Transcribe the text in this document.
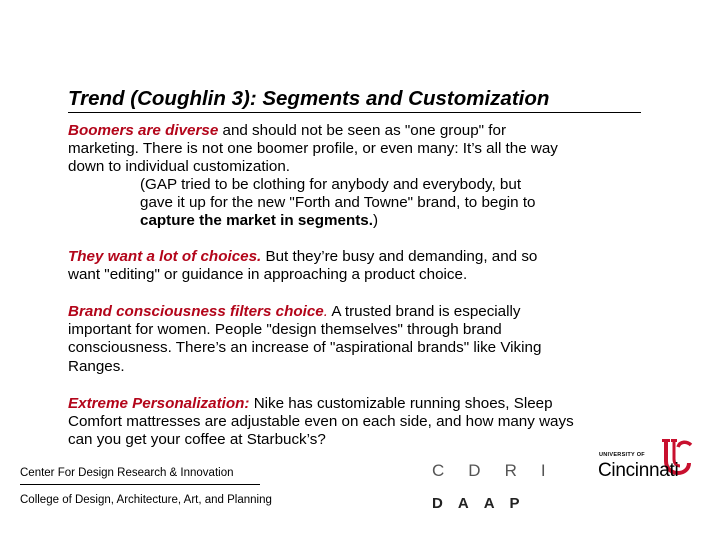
Trend (Coughlin 3): Segments and Customization
Boomers are diverse and should not be seen as "one group" for
marketing. There is not one boomer profile, or even many: It’s all the way
down to individual customization.
(GAP tried to be clothing for anybody and everybody, but
gave it up for the new "Forth and Towne" brand, to begin to
capture the market in segments.)
They want a lot of choices. But they’re busy and demanding, and so
want "editing" or guidance in approaching a product choice.
Brand consciousness filters choice. A trusted brand is especially
important for women. People "design themselves" through brand
consciousness. There’s an increase of "aspirational brands" like Viking
Ranges.
Extreme Personalization: Nike has customizable running shoes, Sleep
Comfort mattresses are adjustable even on each side, and how many ways
can you get your coffee at Starbuck’s?
Center For Design Research & Innovation
College of Design, Architecture, Art, and Planning
C D R I
D A A P
UNIVERSITY OF
Cincinnati
